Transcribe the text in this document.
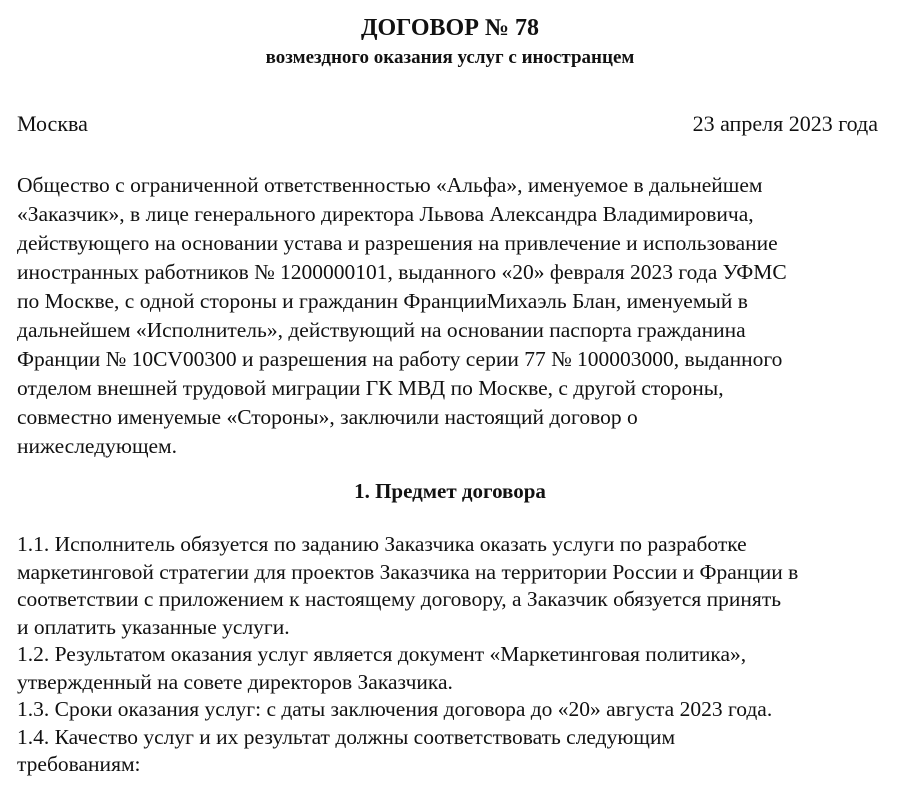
ДОГОВОР № 78
возмездного оказания услуг с иностранцем
Москва	23 апреля 2023 года
Общество с ограниченной ответственностью «Альфа», именуемое в дальнейшем
«Заказчик», в лице генерального директора Львова Александра Владимировича,
действующего на основании устава и разрешения на привлечение и использование
иностранных работников № 1200000101, выданного «20» февраля 2023 года УФМС
по Москве, с одной стороны и гражданин ФранцииМихаэль Блан, именуемый в
дальнейшем «Исполнитель», действующий на основании паспорта гражданина
Франции № 10CV00300 и разрешения на работу серии 77 № 100003000, выданного
отделом внешней трудовой миграции ГК МВД по Москве, с другой стороны,
совместно именуемые «Стороны», заключили настоящий договор о
нижеследующем.
1. Предмет договора
1.1. Исполнитель обязуется по заданию Заказчика оказать услуги по разработке
маркетинговой стратегии для проектов Заказчика на территории России и Франции в
соответствии с приложением к настоящему договору, а Заказчик обязуется принять
и оплатить указанные услуги.
1.2. Результатом оказания услуг является документ «Маркетинговая политика»,
утвержденный на совете директоров Заказчика.
1.3. Сроки оказания услуг: с даты заключения договора до «20» августа 2023 года.
1.4. Качество услуг и их результат должны соответствовать следующим
требованиям:
